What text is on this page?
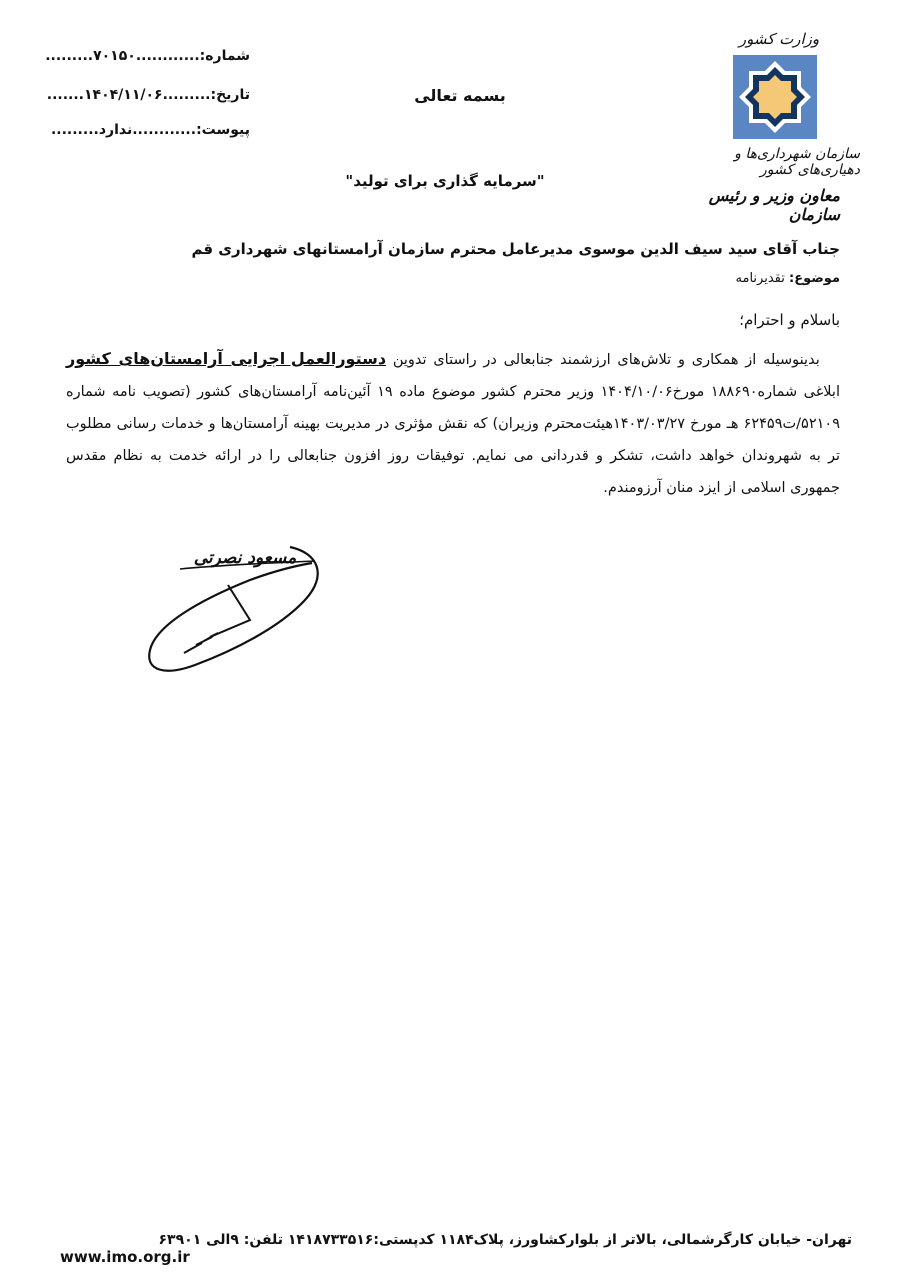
وزارت کشور
سازمان شهرداری‌ها و دهیاری‌های کشور
معاون وزیر و رئیس سازمان
بسمه تعالی
شماره:............۷۰۱۵۰.........
تاریخ:.........۱۴۰۴/۱۱/۰۶.......
پیوست:............ندارد.........
"سرمایه گذاری برای تولید"
جناب آقای سید سیف الدین موسوی مدیرعامل محترم سازمان آرامستانهای شهرداری قم
موضوع: تقدیرنامه
باسلام و احترام؛
بدینوسیله از همکاری و تلاش‌های ارزشمند جنابعالی در راستای تدوین دستورالعمل اجرایی آرامستان‌های کشور ابلاغی شماره۱۸۸۶۹۰ مورخ۱۴۰۴/۱۰/۰۶ وزیر محترم کشور موضوع ماده ۱۹ آئین‌نامه آرامستان‌های کشور (تصویب نامه شماره ۵۲۱۰۹/ت۶۲۴۵۹ هـ مورخ ۱۴۰۳/۰۳/۲۷هیئت‌محترم وزیران) که نقش مؤثری در مدیریت بهینه آرامستان‌ها و خدمات رسانی مطلوب تر به شهروندان خواهد داشت، تشکر و قدردانی می نمایم. توفیقات روز افزون جنابعالی را در ارائه خدمت به نظام مقدس جمهوری اسلامی از ایزد منان آرزومندم.
مسعود نصرتی
تهران- خیابان کارگرشمالی، بالاتر از بلوارکشاورز، پلاک۱۱۸۴ کدپستی:۱۴۱۸۷۳۳۵۱۶ تلفن: ۹الی ۶۳۹۰۱
www.imo.org.ir
